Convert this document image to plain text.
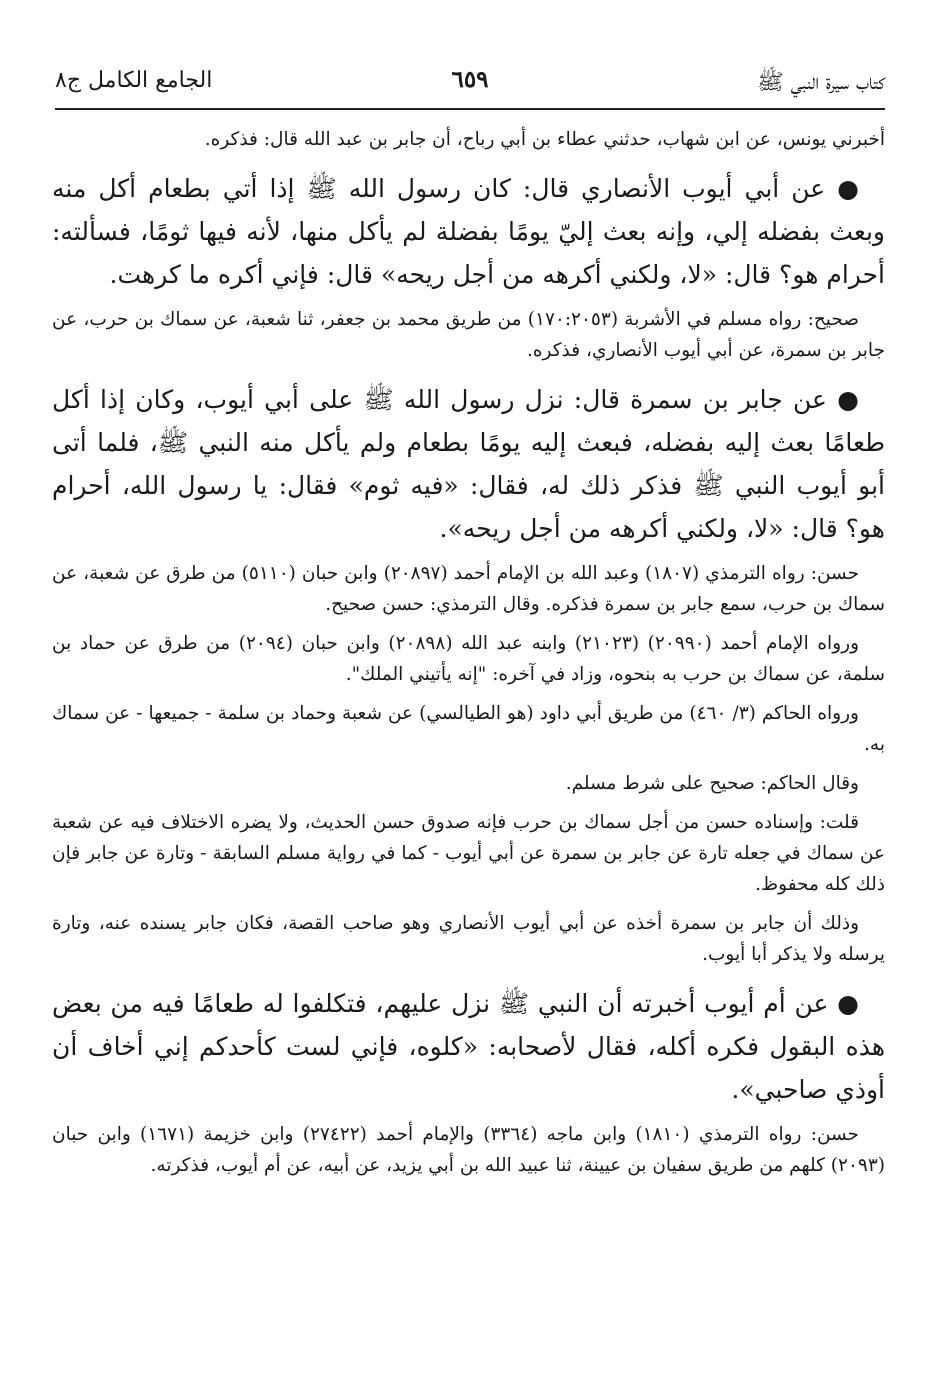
كتاب سيرة النبي ﷺ
٦٥٩
الجامع الكامل ج٨

أخبرني يونس، عن ابن شهاب، حدثني عطاء بن أبي رباح، أن جابر بن عبد الله قال: فذكره.

● عن أبي أيوب الأنصاري قال: كان رسول الله ﷺ إذا أتي بطعام أكل منه وبعث بفضله إلي، وإنه بعث إليّ يومًا بفضلة لم يأكل منها، لأنه فيها ثومًا، فسألته: أحرام هو؟ قال: «لا، ولكني أكرهه من أجل ريحه» قال: فإني أكره ما كرهت.

صحيح: رواه مسلم في الأشربة (١٧٠:٢٠٥٣) من طريق محمد بن جعفر، ثنا شعبة، عن سماك بن حرب، عن جابر بن سمرة، عن أبي أيوب الأنصاري، فذكره.

● عن جابر بن سمرة قال: نزل رسول الله ﷺ على أبي أيوب، وكان إذا أكل طعامًا بعث إليه بفضله، فبعث إليه يومًا بطعام ولم يأكل منه النبي ﷺ، فلما أتى أبو أيوب النبي ﷺ فذكر ذلك له، فقال: «فيه ثوم» فقال: يا رسول الله، أحرام هو؟ قال: «لا، ولكني أكرهه من أجل ريحه».

حسن: رواه الترمذي (١٨٠٧) وعبد الله بن الإمام أحمد (٢٠٨٩٧) وابن حبان (٥١١٠) من طرق عن شعبة، عن سماك بن حرب، سمع جابر بن سمرة فذكره. وقال الترمذي: حسن صحيح.

ورواه الإمام أحمد (٢٠٩٩٠) (٢١٠٢٣) وابنه عبد الله (٢٠٨٩٨) وابن حبان (٢٠٩٤) من طرق عن حماد بن سلمة، عن سماك بن حرب به بنحوه، وزاد في آخره: "إنه يأتيني الملك".

ورواه الحاكم (٣/ ٤٦٠) من طريق أبي داود (هو الطيالسي) عن شعبة وحماد بن سلمة - جميعها - عن سماك به.

وقال الحاكم: صحيح على شرط مسلم.

قلت: وإسناده حسن من أجل سماك بن حرب فإنه صدوق حسن الحديث، ولا يضره الاختلاف فيه عن شعبة عن سماك في جعله تارة عن جابر بن سمرة عن أبي أيوب - كما في رواية مسلم السابقة - وتارة عن جابر فإن ذلك كله محفوظ.

وذلك أن جابر بن سمرة أخذه عن أبي أيوب الأنصاري وهو صاحب القصة، فكان جابر يسنده عنه، وتارة يرسله ولا يذكر أبا أيوب.

● عن أم أيوب أخبرته أن النبي ﷺ نزل عليهم، فتكلفوا له طعامًا فيه من بعض هذه البقول فكره أكله، فقال لأصحابه: «كلوه، فإني لست كأحدكم إني أخاف أن أوذي صاحبي».

حسن: رواه الترمذي (١٨١٠) وابن ماجه (٣٣٦٤) والإمام أحمد (٢٧٤٢٢) وابن خزيمة (١٦٧١) وابن حبان (٢٠٩٣) كلهم من طريق سفيان بن عيينة، ثنا عبيد الله بن أبي يزيد، عن أبيه، عن أم أيوب، فذكرته.
